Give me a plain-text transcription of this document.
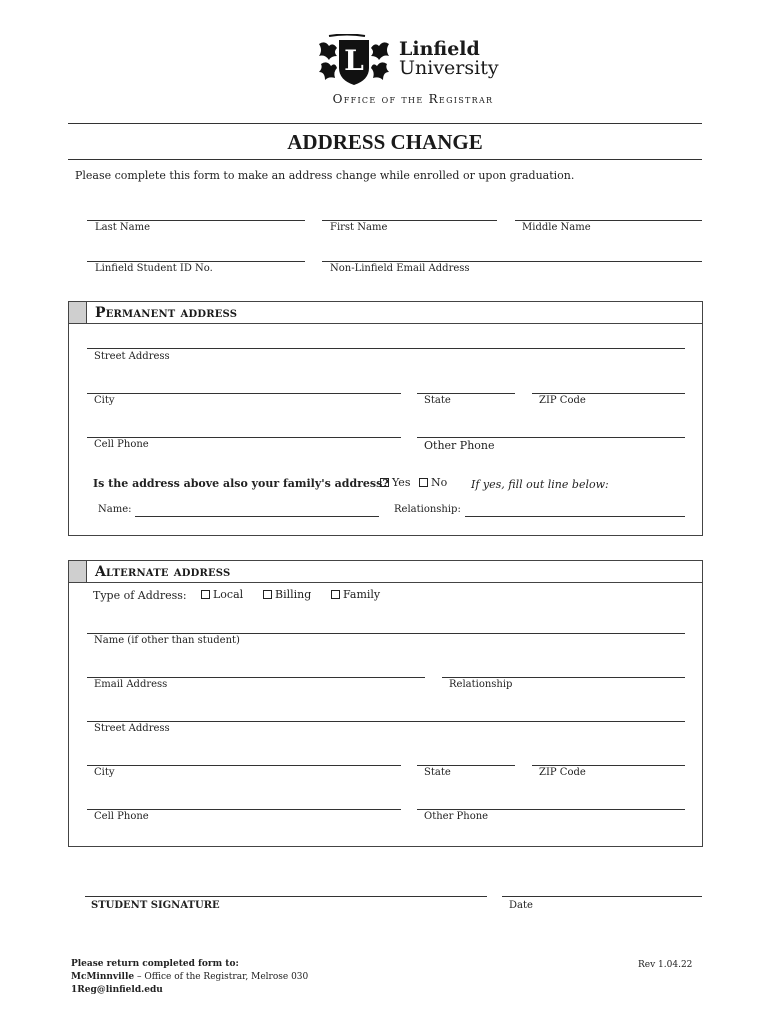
L Linfield
University
Office of the Registrar
ADDRESS CHANGE
Please complete this form to make an address change while enrolled or upon graduation.
Last Name	First Name	Middle Name
Linfield Student ID No.	Non-Linfield Email Address
Permanent address
Street Address
City	State	ZIP Code
Cell Phone	Other Phone
Is the address above also your family's address? Yes	No If yes, fill out line below:
Name:	Relationship:
Alternate address
Type of Address:	Local	Billing	Family
Name (if other than student)
Email Address	Relationship
Street Address
City	State	ZIP Code
Cell Phone	Other Phone
STUDENT SIGNATURE	Date
Please return completed form to:
McMinnville – Office of the Registrar, Melrose 030
1Reg@linfield.edu
Rev 1.04.22
